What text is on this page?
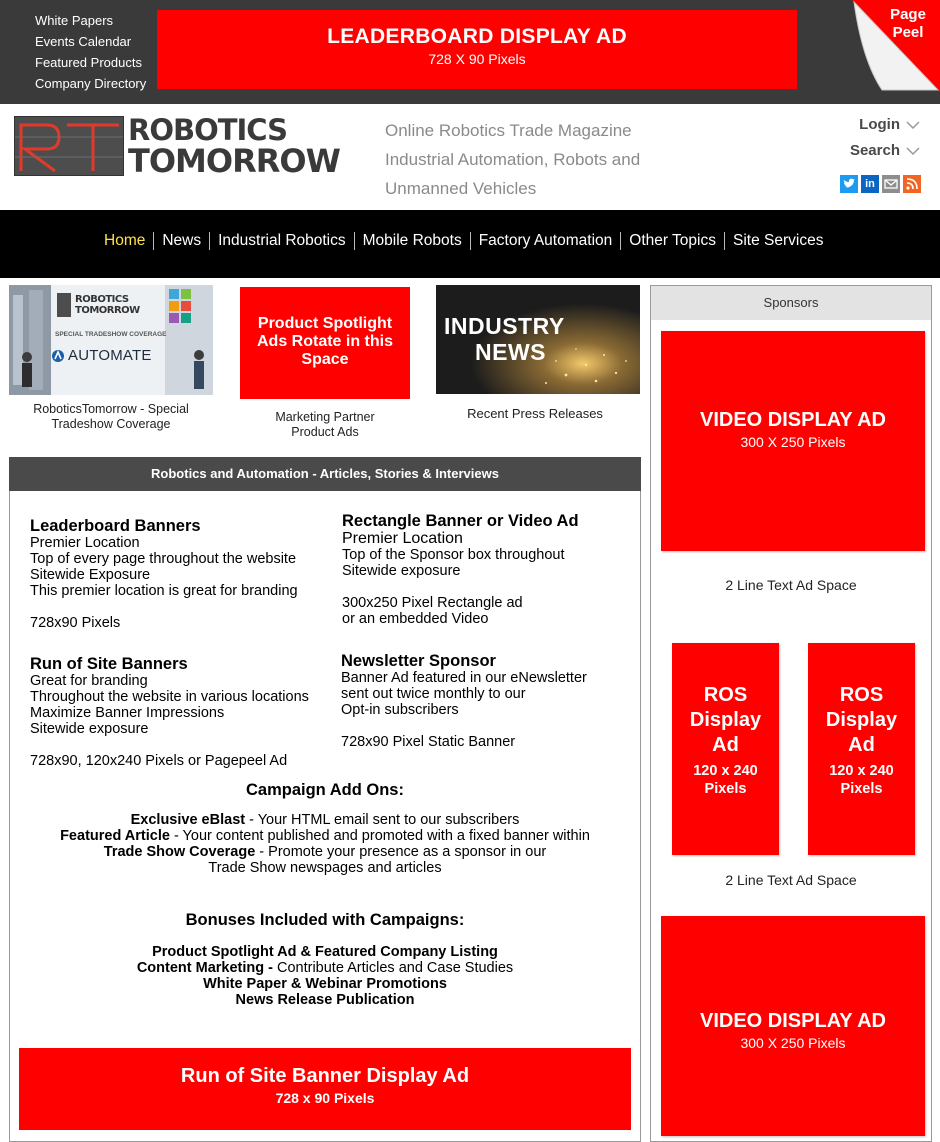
White Papers
Events Calendar
Featured Products
Company Directory
LEADERBOARD DISPLAY AD
728 X 90 Pixels
Page
Peel
ROBOTICS
TOMORROW
Online Robotics Trade Magazine
Industrial Automation, Robots and
Unmanned Vehicles
Login
Search
in
Home	News	Industrial Robotics	Mobile Robots	Factory Automation	Other Topics	Site Services
ROBOTICS
TOMORROW
SPECIAL TRADESHOW COVERAGE
AUTOMATE
RoboticsTomorrow - Special
Tradeshow Coverage
Product Spotlight
Ads Rotate in this
Space
Marketing Partner
Product Ads
INDUSTRY
NEWS
Recent Press Releases
Robotics and Automation - Articles, Stories & Interviews
Leaderboard Banners
Premier Location
Top of every page throughout the website
Sitewide Exposure
This premier location is great for branding
728x90 Pixels
Run of Site Banners
Great for branding
Throughout the website in various locations
Maximize Banner Impressions
Sitewide exposure
728x90, 120x240 Pixels or Pagepeel Ad
Rectangle Banner or Video Ad
Premier Location
Top of the Sponsor box throughout
Sitewide exposure
300x250 Pixel Rectangle ad
or an embedded Video
Newsletter Sponsor
Banner Ad featured in our eNewsletter
sent out twice monthly to our
Opt-in subscribers
728x90 Pixel Static Banner
Campaign Add Ons:
Exclusive eBlast - Your HTML email sent to our subscribers
Featured Article - Your content published and promoted with a fixed banner within
Trade Show Coverage - Promote your presence as a sponsor in our
Trade Show newspages and articles
Bonuses Included with Campaigns:
Product Spotlight Ad & Featured Company Listing
Content Marketing - Contribute Articles and Case Studies
White Paper & Webinar Promotions
News Release Publication
Run of Site Banner Display Ad
728 x 90 Pixels
Sponsors
VIDEO DISPLAY AD
300 X 250 Pixels
2 Line Text Ad Space
ROS
Display
Ad
120 x 240
Pixels
ROS
Display
Ad
120 x 240
Pixels
2 Line Text Ad Space
VIDEO DISPLAY AD
300 X 250 Pixels
